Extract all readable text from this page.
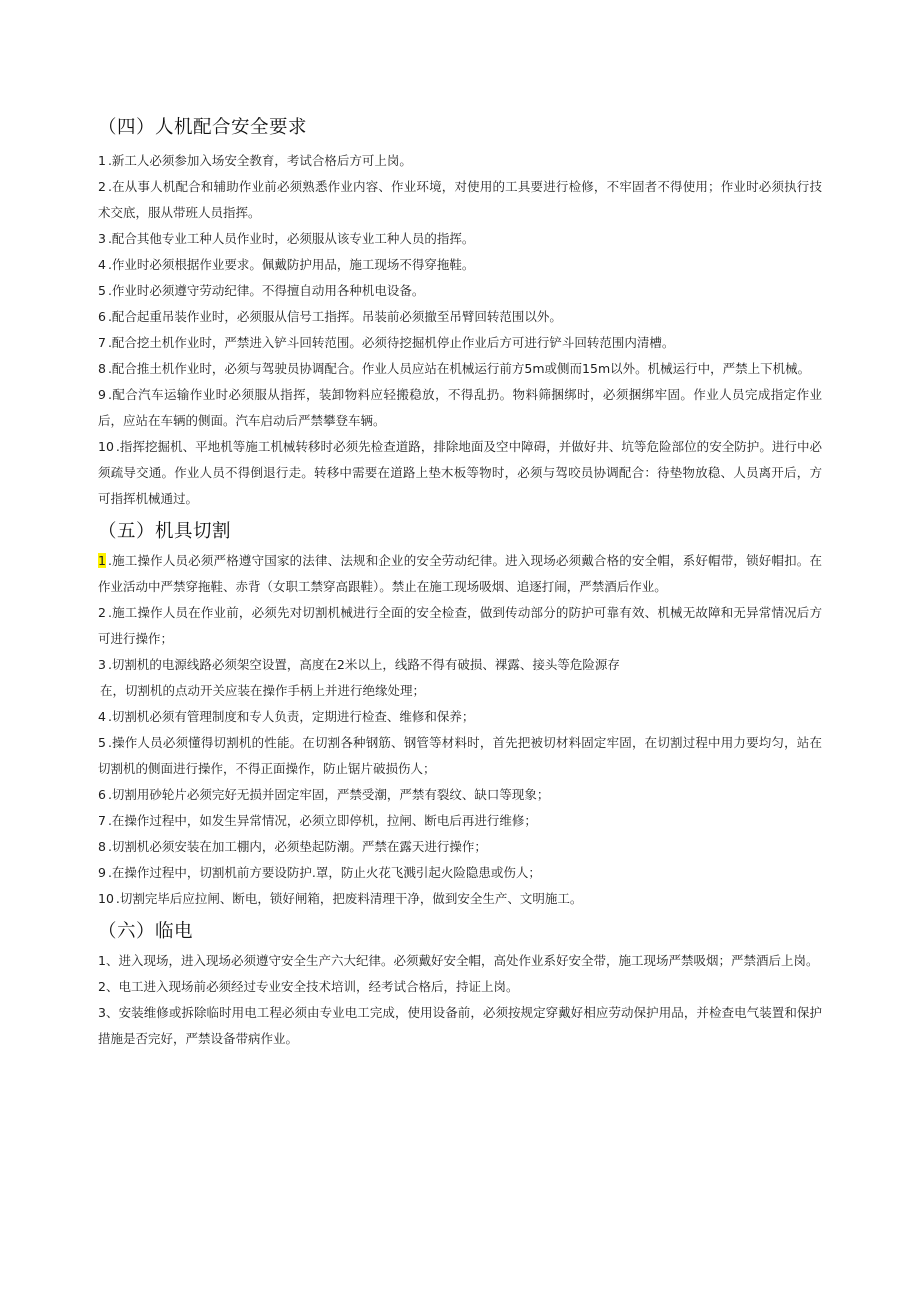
（四）人机配合安全要求

1 .新工人必须参加入场安全教育，考试合格后方可上岗。

2 .在从事人机配合和辅助作业前必须熟悉作业内容、作业环境，对使用的工具要进行检修，不牢固者不得使用；作业时必须执行技术交底，服从带班人员指挥。

3 .配合其他专业工种人员作业时，必须服从该专业工种人员的指挥。

4 .作业时必须根据作业要求。佩戴防护用品，施工现场不得穿拖鞋。

5 .作业时必须遵守劳动纪律。不得擅自动用各种机电设备。

6 .配合起重吊装作业时，必须服从信号工指挥。吊装前必须撤至吊臂回转范围以外。

7 .配合挖土机作业时，严禁进入铲斗回转范围。必须待挖掘机停止作业后方可进行铲斗回转范围内清槽。

8 .配合推土机作业时，必须与驾驶员协调配合。作业人员应站在机械运行前方5m或侧而15m以外。机械运行中，严禁上下机械。

9 .配合汽车运输作业时必须服从指挥，装卸物料应轻搬稳放，不得乱扔。物料筛捆绑时，必须捆绑牢固。作业人员完成指定作业后，应站在车辆的侧面。汽车启动后严禁攀登车辆。

10 .指挥挖掘机、平地机等施工机械转移时必须先检查道路，排除地面及空中障碍，并做好井、坑等危险部位的安全防护。进行中必须疏导交通。作业人员不得倒退行走。转移中需要在道路上垫木板等物时，必须与驾咬员协调配合：待垫物放稳、人员离开后，方可指挥机械通过。

（五）机具切割

1 .施工操作人员必须严格遵守国家的法律、法规和企业的安全劳动纪律。进入现场必须戴合格的安全帽，系好帽带，锁好帽扣。在作业活动中严禁穿拖鞋、赤背（女职工禁穿高跟鞋）。禁止在施工现场吸烟、追逐打闹，严禁酒后作业。

2 .施工操作人员在作业前，必须先对切割机械进行全面的安全检查，做到传动部分的防护可靠有效、机械无故障和无异常情况后方可进行操作；

3 .切割机的电源线路必须架空设置，高度在2米以上，线路不得有破损、裸露、接头等危险源存

在，切割机的点动开关应装在操作手柄上并进行绝缘处理；

4 .切割机必须有管理制度和专人负责，定期进行检查、维修和保养；

5 .操作人员必须懂得切割机的性能。在切割各种钢筋、钢管等材料时，首先把被切材料固定牢固，在切割过程中用力要均匀，站在切割机的侧面进行操作，不得正面操作，防止锯片破损伤人；

6 .切割用砂轮片必须完好无损并固定牢固，严禁受潮，严禁有裂纹、缺口等现象；

7 .在操作过程中，如发生异常情况，必须立即停机，拉闸、断电后再进行维修；

8 .切割机必须安装在加工棚内，必须垫起防潮。严禁在露天进行操作；

9 .在操作过程中，切割机前方要设防护.罩，防止火花飞溅引起火险隐患或伤人；

10 .切割完毕后应拉闸、断电，锁好闸箱，把废料清理干净，做到安全生产、文明施工。

（六）临电

1、进入现场，进入现场必须遵守安全生产六大纪律。必须戴好安全帽，高处作业系好安全带，施工现场严禁吸烟；严禁酒后上岗。

2、电工进入现场前必须经过专业安全技术培训，经考试合格后，持证上岗。

3、安装维修或拆除临时用电工程必须由专业电工完成，使用设备前，必须按规定穿戴好相应劳动保护用品，并检查电气装置和保护措施是否完好，严禁设备带病作业。
